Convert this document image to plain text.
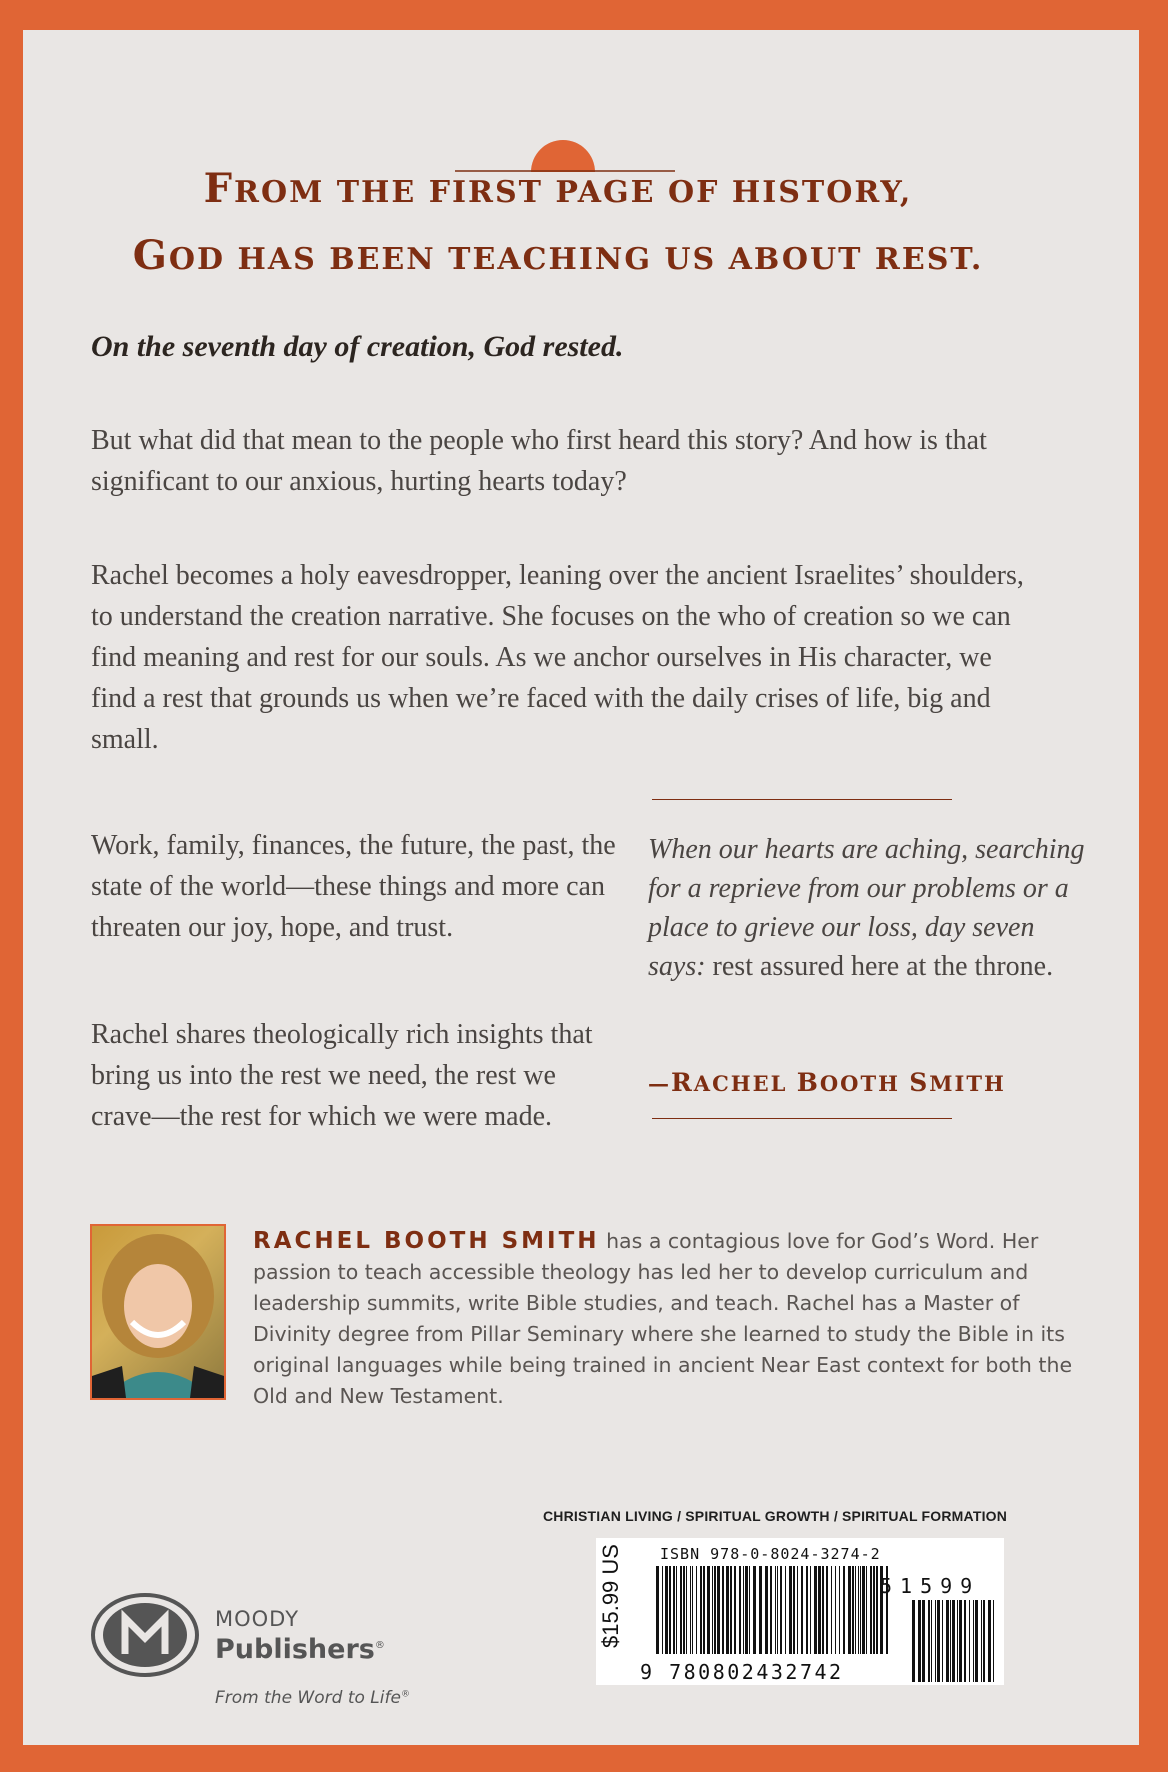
FROM THE FIRST PAGE OF HISTORY,
GOD HAS BEEN TEACHING US ABOUT REST.
On the seventh day of creation, God rested.

But what did that mean to the people who first heard this story? And how is that significant to our anxious, hurting hearts today?

Rachel becomes a holy eavesdropper, leaning over the ancient Israelites’ shoulders, to understand the creation narrative. She focuses on the who of creation so we can find meaning and rest for our souls. As we anchor ourselves in His character, we find a rest that grounds us when we’re faced with the daily crises of life, big and small.

Work, family, finances, the future, the past, the state of the world—these things and more can threaten our joy, hope, and trust.

Rachel shares theologically rich insights that bring us into the rest we need, the rest we crave—the rest for which we were made.

When our hearts are aching, searching for a reprieve from our problems or a place to grieve our loss, day seven says: rest assured here at the throne.

—RACHEL BOOTH SMITH

RACHEL BOOTH SMITH has a contagious love for God’s Word. Her passion to teach accessible theology has led her to develop curriculum and leadership summits, write Bible studies, and teach. Rachel has a Master of Divinity degree from Pillar Seminary where she learned to study the Bible in its original languages while being trained in ancient Near East context for both the Old and New Testament.

CHRISTIAN LIVING / SPIRITUAL GROWTH / SPIRITUAL FORMATION
$15.99 US ISBN 978-0-8024-3274-2
9 780802432742
51599
MOODY
Publishers®
From the Word to Life®
